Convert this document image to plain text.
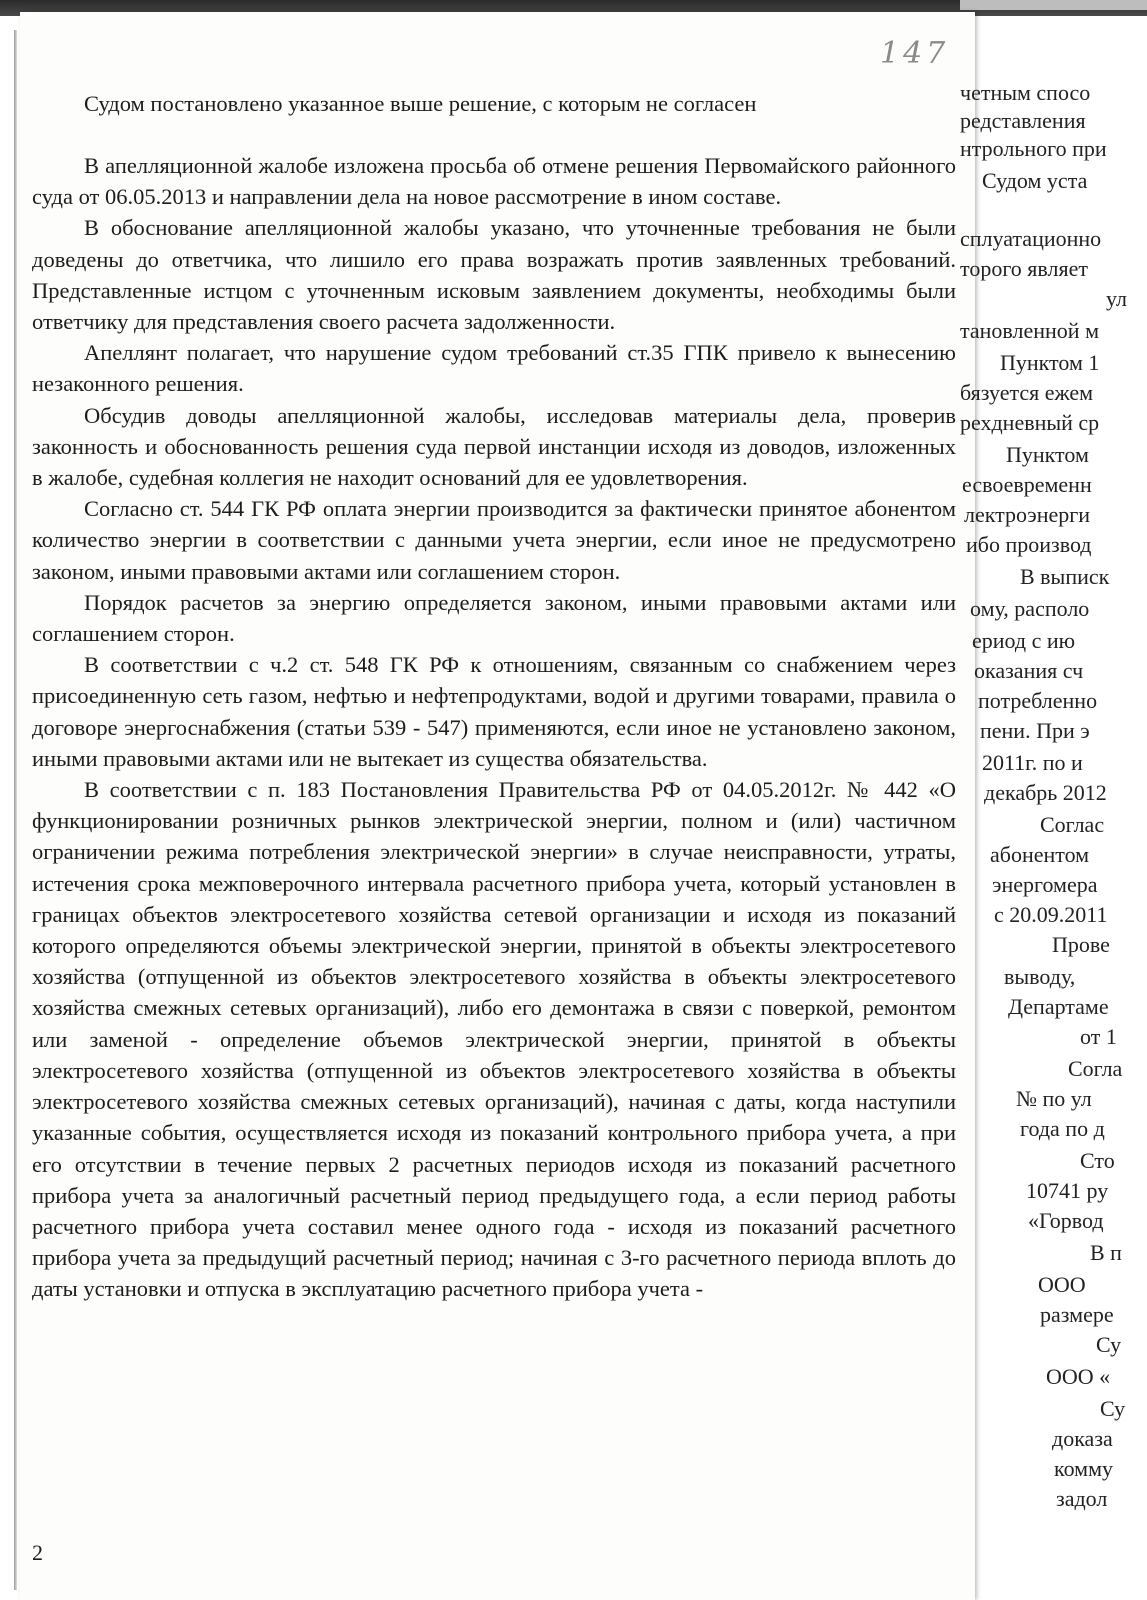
147
Судом постановлено указанное выше решение, с которым не согласен

В апелляционной жалобе изложена просьба об отмене решения Первомайского районного суда от 06.05.2013 и направлении дела на новое рассмотрение в ином составе.

В обоснование апелляционной жалобы указано, что уточненные требования не были доведены до ответчика, что лишило его права возражать против заявленных требований. Представленные истцом с уточненным исковым заявлением документы, необходимы были ответчику для представления своего расчета задолженности.

Апеллянт полагает, что нарушение судом требований ст.35 ГПК привело к вынесению незаконного решения.

Обсудив доводы апелляционной жалобы, исследовав материалы дела, проверив законность и обоснованность решения суда первой инстанции исходя из доводов, изложенных в жалобе, судебная коллегия не находит оснований для ее удовлетворения.

Согласно ст. 544 ГК РФ оплата энергии производится за фактически принятое абонентом количество энергии в соответствии с данными учета энергии, если иное не предусмотрено законом, иными правовыми актами или соглашением сторон.

Порядок расчетов за энергию определяется законом, иными правовыми актами или соглашением сторон.

В соответствии с ч.2 ст. 548 ГК РФ к отношениям, связанным со снабжением через присоединенную сеть газом, нефтью и нефтепродуктами, водой и другими товарами, правила о договоре энергоснабжения (статьи 539 - 547) применяются, если иное не установлено законом, иными правовыми актами или не вытекает из существа обязательства.

В соответствии с п. 183 Постановления Правительства РФ от 04.05.2012г. № 442 «О функционировании розничных рынков электрической энергии, полном и (или) частичном ограничении режима потребления электрической энергии» в случае неисправности, утраты, истечения срока межповерочного интервала расчетного прибора учета, который установлен в границах объектов электросетевого хозяйства сетевой организации и исходя из показаний которого определяются объемы электрической энергии, принятой в объекты электросетевого хозяйства (отпущенной из объектов электросетевого хозяйства в объекты электросетевого хозяйства смежных сетевых организаций), либо его демонтажа в связи с поверкой, ремонтом или заменой - определение объемов электрической энергии, принятой в объекты электросетевого хозяйства (отпущенной из объектов электросетевого хозяйства в объекты электросетевого хозяйства смежных сетевых организаций), начиная с даты, когда наступили указанные события, осуществляется исходя из показаний контрольного прибора учета, а при его отсутствии в течение первых 2 расчетных периодов исходя из показаний расчетного прибора учета за аналогичный расчетный период предыдущего года, а если период работы расчетного прибора учета составил менее одного года - исходя из показаний расчетного прибора учета за предыдущий расчетный период; начиная с 3-го расчетного периода вплоть до даты установки и отпуска в эксплуатацию расчетного прибора учета -

2
четным спосо
редставления
нтрольного при
Судом уста
сплуатационно
торого являет
ул
тановленной м
Пунктом 1
бязуется ежем
рехдневный ср
Пунктом
есвоевременн
лектроэнерги
ибо производ
В выписк
ому, располо
ериод с ию
оказания сч
потребленно
пени. При э
2011г. по и
декабрь 2012
Соглас
абонентом
энергомера
с 20.09.2011
Прове
выводу,
Департаме
от 1
Согла
№ по ул
года по д
Сто
10741 ру
«Горвод
В п
ООО
размере
Су
ООО «
Су
доказа
комму
задол
